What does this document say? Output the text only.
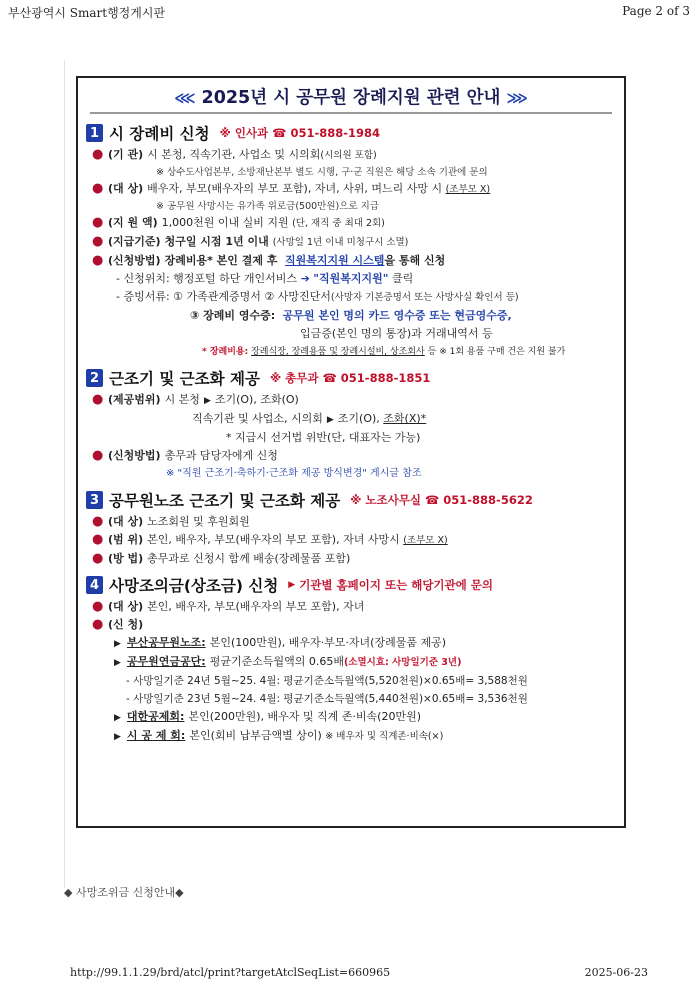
부산광역시 Smart행정게시판	Page 2 of 3
⋘ 2025년 시 공무원 장례지원 관련 안내 ⋙
1 시 장례비 신청 ※ 인사과 ☎ 051-888-1984
● (기 관) 시 본청, 직속기관, 사업소 및 시의회 (시의원 포함)
※ 상수도사업본부, 소방재난본부 별도 시행, 구·군 직원은 해당 소속 기관에 문의
● (대 상) 배우자, 부모(배우자의 부모 포함), 자녀, 사위, 며느리 사망 시
(조부모 X)
※ 공무원 사망시는 유가족 위로금(500만원)으로 지급
● (지 원 액) 1,000천원 이내 실비 지원
(단, 재직 중 최대 2회)
● (지급기준) 청구일 시점 1년 이내 (사망일 1년 이내 미청구시 소멸)
● (신청방법) 장례비용* 본인 결제 후
직원복지지원 시스템 을 통해 신청
- 신청위치: 행정포털 하단 개인서비스
➔
"직원복지지원"
클릭
- 증빙서류: ① 가족관계증명서 ② 사망진단서 (사망자 기본증명서 또는 사망사실 확인서 등)
③ 장례비 영수증:
공무원 본인 명의 카드 영수증 또는 현금영수증,
입금증(본인 명의 통장)과 거래내역서 등
* 장례비용:
장례식장, 장례용품 및 장례시설비, 상조회사
등 ※ 1회 용품 구매 건은 지원 불가
2 근조기 및 근조화 제공 ※ 총무과 ☎ 051-888-1851
● (제공범위) 시 본청 ▶ 조기(O), 조화(O)
직속기관 및 사업소, 시의회 ▶ 조기(O),
조화(X)*
* 지급시 선거법 위반(단, 대표자는 가능)
● (신청방법) 총무과 담당자에게 신청
※ "직원 근조기·축하기·근조화 제공 방식변경" 게시글 참조
3 공무원노조 근조기 및 근조화 제공 ※ 노조사무실 ☎ 051-888-5622
● (대 상) 노조회원 및 후원회원
● (범 위) 본인, 배우자, 부모(배우자의 부모 포함), 자녀 사망시
(조부모 X)
● (방 법) 총무과로 신청시 함께 배송(장례물품 포함)
4 사망조의금(상조금) 신청 ▶ 기관별 홈페이지 또는 해당기관에 문의
● (대 상) 본인, 배우자, 부모(배우자의 부모 포함), 자녀
● (신 청)
▶ 부산공무원노조: 본인(100만원), 배우자·부모·자녀(장례물품 제공)
▶ 공무원연금공단: 평균기준소득월액의 0.65배 (소멸시효: 사망일기준 3년)
- 사망일기준 24년 5월~25. 4월: 평균기준소득월액(5,520천원)×0.65배= 3,588천원
- 사망일기준 23년 5월~24. 4월: 평균기준소득월액(5,440천원)×0.65배= 3,536천원
▶ 대한공제회: 본인(200만원), 배우자 및 직계 존·비속(20만원)
▶ 시 공 제 회: 본인(회비 납부금액별 상이)
※ 배우자 및 직계존·비속(×)
◆ 사망조위금 신청안내◆
http://99.1.1.29/brd/atcl/print?targetAtclSeqList=660965	2025-06-23
